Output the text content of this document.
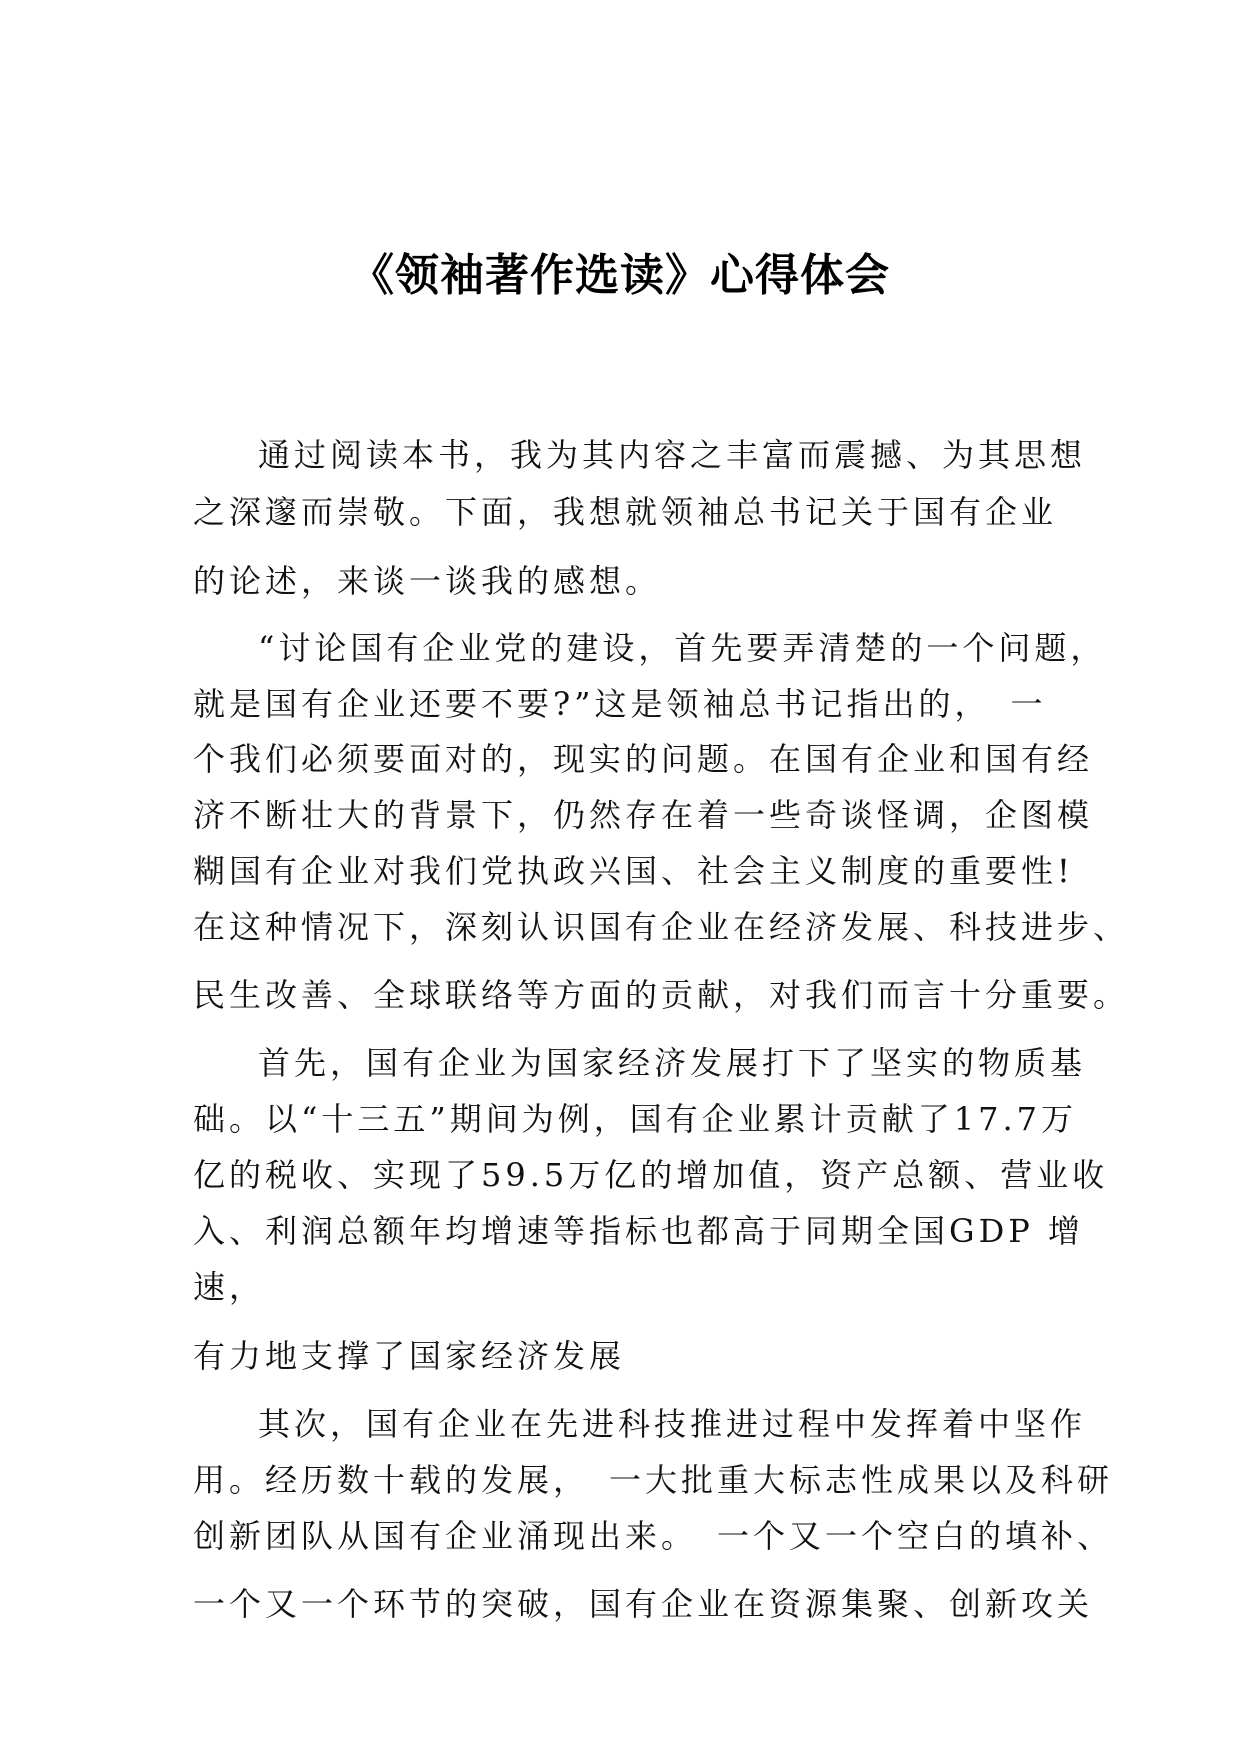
《领袖著作选读》心得体会
通过阅读本书，我为其内容之丰富而震撼、为其思想
之深邃而崇敬。下面，我想就领袖总书记关于国有企业
的论述，来谈一谈我的感想。
“讨论国有企业党的建设，首先要弄清楚的一个问题，
就是国有企业还要不要?”这是领袖总书记指出的，　一
个我们必须要面对的，现实的问题。在国有企业和国有经
济不断壮大的背景下，仍然存在着一些奇谈怪调，企图模
糊国有企业对我们党执政兴国、社会主义制度的重要性!
在这种情况下，深刻认识国有企业在经济发展、科技进步、
民生改善、全球联络等方面的贡献，对我们而言十分重要。
首先，国有企业为国家经济发展打下了坚实的物质基
础。以“十三五”期间为例，国有企业累计贡献了17.7万
亿的税收、实现了59.5万亿的增加值，资产总额、营业收
入、利润总额年均增速等指标也都高于同期全国GDP 增
速，
有力地支撑了国家经济发展
其次，国有企业在先进科技推进过程中发挥着中坚作
用。经历数十载的发展，　一大批重大标志性成果以及科研
创新团队从国有企业涌现出来。　一个又一个空白的填补、
一个又一个环节的突破，国有企业在资源集聚、创新攻关
